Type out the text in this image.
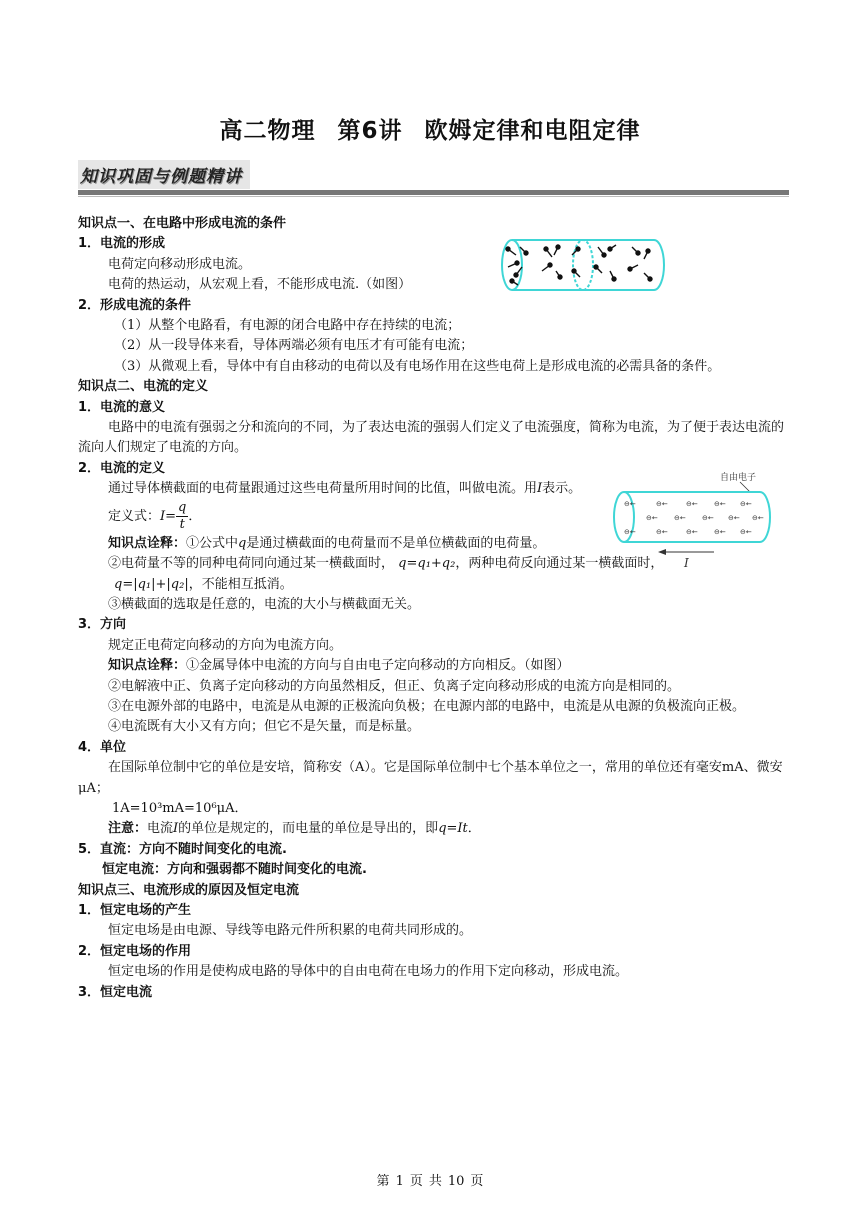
高二物理 第6讲 欧姆定律和电阻定律
知识巩固与例题精讲
自由电子
⊖←	⊖←	⊖← ⊖← ⊖←
⊖← ⊖← ⊖← ⊖← ⊖←
⊖←	⊖←	⊖← ⊖← ⊖←
I

知识点一、在电路中形成电流的条件

1．电流的形成

电荷定向移动形成电流。

电荷的热运动，从宏观上看，不能形成电流.（如图）

2．形成电流的条件

（1）从整个电路看，有电源的闭合电路中存在持续的电流；

（2）从一段导体来看，导体两端必须有电压才有可能有电流；

（3）从微观上看，导体中有自由移动的电荷以及有电场作用在这些电荷上是形成电流的必需具备的条件。

知识点二、电流的定义

1．电流的意义

电路中的电流有强弱之分和流向的不同，为了表达电流的强弱人们定义了电流强度，简称为电流，为了便于表达电流的流向人们规定了电流的方向。

2．电流的定义

通过导体横截面的电荷量跟通过这些电荷量所用时间的比值，叫做电流。用I表示。

定义式：$I= \frac{q}{t}$ ．

知识点诠释：①公式中q是通过横截面的电荷量而不是单位横截面的电荷量。

②电荷量不等的同种电荷同向通过某一横截面时， q=q₁+q₂，两种电荷反向通过某一横截面时，

q=|q₁|+|q₂|，不能相互抵消。

③横截面的选取是任意的，电流的大小与横截面无关。

3．方向

规定正电荷定向移动的方向为电流方向。

知识点诠释：①金属导体中电流的方向与自由电子定向移动的方向相反。（如图）

②电解液中正、负离子定向移动的方向虽然相反，但正、负离子定向移动形成的电流方向是相同的。

③在电源外部的电路中，电流是从电源的正极流向负极；在电源内部的电路中，电流是从电源的负极流向正极。

④电流既有大小又有方向；但它不是矢量，而是标量。

4．单位

在国际单位制中它的单位是安培，简称安（A）。它是国际单位制中七个基本单位之一，常用的单位还有毫安mA、微安μA；

1A=10³mA=10⁶μA．

注意：电流I的单位是规定的，而电量的单位是导出的，即q=It．

5．直流：方向不随时间变化的电流.

恒定电流：方向和强弱都不随时间变化的电流.

知识点三、电流形成的原因及恒定电流

1．恒定电场的产生

恒定电场是由电源、导线等电路元件所积累的电荷共同形成的。

2．恒定电场的作用

恒定电场的作用是使构成电路的导体中的自由电荷在电场力的作用下定向移动，形成电流。

3．恒定电流

第 1 页 共 10 页
